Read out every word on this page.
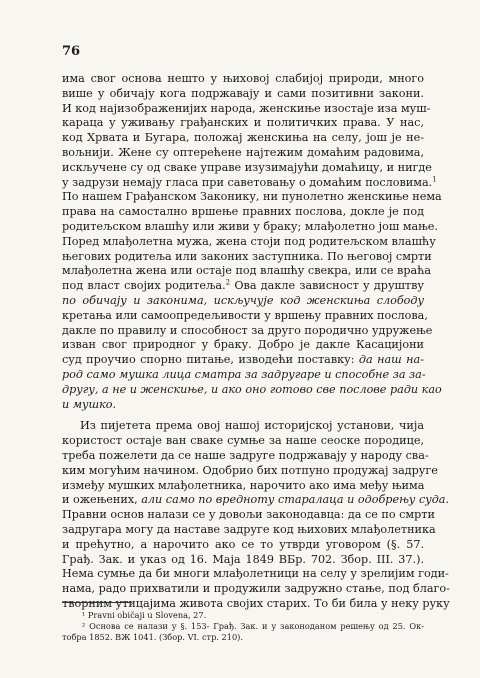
76
има свог основа нешто у њиховој слабијој природи, много
више у обичају кога подржавају и сами позитивни закони.
И код најизображенијих народа, женскиње изостаје иза муш-
караца у уживању грађанских и политичких права. У нас,
код Хрвата и Бугара, положај женскиња на селу, још је не-
вољнији. Жене су оптерећене најтежим домаћим радовима,
искључене су од сваке управе изузимајући домаћицу, и нигде
у задрузи немају гласа при саветовању о домаћим пословима.$^1$
По нашем Грађанском Законику, ни пунолетно женскиње нема
права на самостално вршење правних послова, докле је под
родитељском влашћу или живи у браку; млађолетно још мање.
Поред млађолетна мужа, жена стоји под родитељском влашћу
његових родитеља или законих заступника. По његовој смрти
млађолетна жена или остаје под влашћу свекра, или се враћа
под власт својих родитеља.$^2$ Ова дакле зависност у друштву
по обичају и законима, искључује код женскиња слободу
кретања или самоопредељивости у вршењу правних послова,
дакле по правилу и способност за друго породично удружење
изван свог природног у браку. Добро је дакле Касацијони
суд проучио спорно питање, изводећи поставку: да наш на-
род само мушка лица сматра за задругаре и способне за за-
другу, а не и женскиње, и ако оно готово све послове ради као
и мушко.
Из пијетета према овој нашој историјској установи, чија
користост остаје ван сваке сумње за наше сеоске породице,
треба пожелети да се наше задруге подржавају у народу сва-
ким могућим начином. Одобрио бих потпуно продужај задруге
између мушких млађолетника, нарочито ако има међу њима
и ожењених, али само по вредноту старалаца и одобрењу суда.
Правни основ налази се у довољи законодавца: да се по смрти
задругара могу да наставе задруге код њихових млађолетника
и прећутно, а нарочито ако се то утврди уговором (§. 57.
Грађ. Зак. и указ од 16. Маја 1849 ВБр. 702. Збор. III. 37.).
Нема сумње да би многи млађолетници на селу у зрелијим годи-
нама, радо прихватили и продужили задружно стање, под благо-
творним утицајима живота својих старих. То би била у неку руку
¹ Pravni običaji u Slovena, 27.
² Основа се налази у §. 153- Грађ. Зак. и у законоданом решењу од 25. Ок-
тобра 1852. ВЖ 1041. (Збор. VI. стр. 210).
